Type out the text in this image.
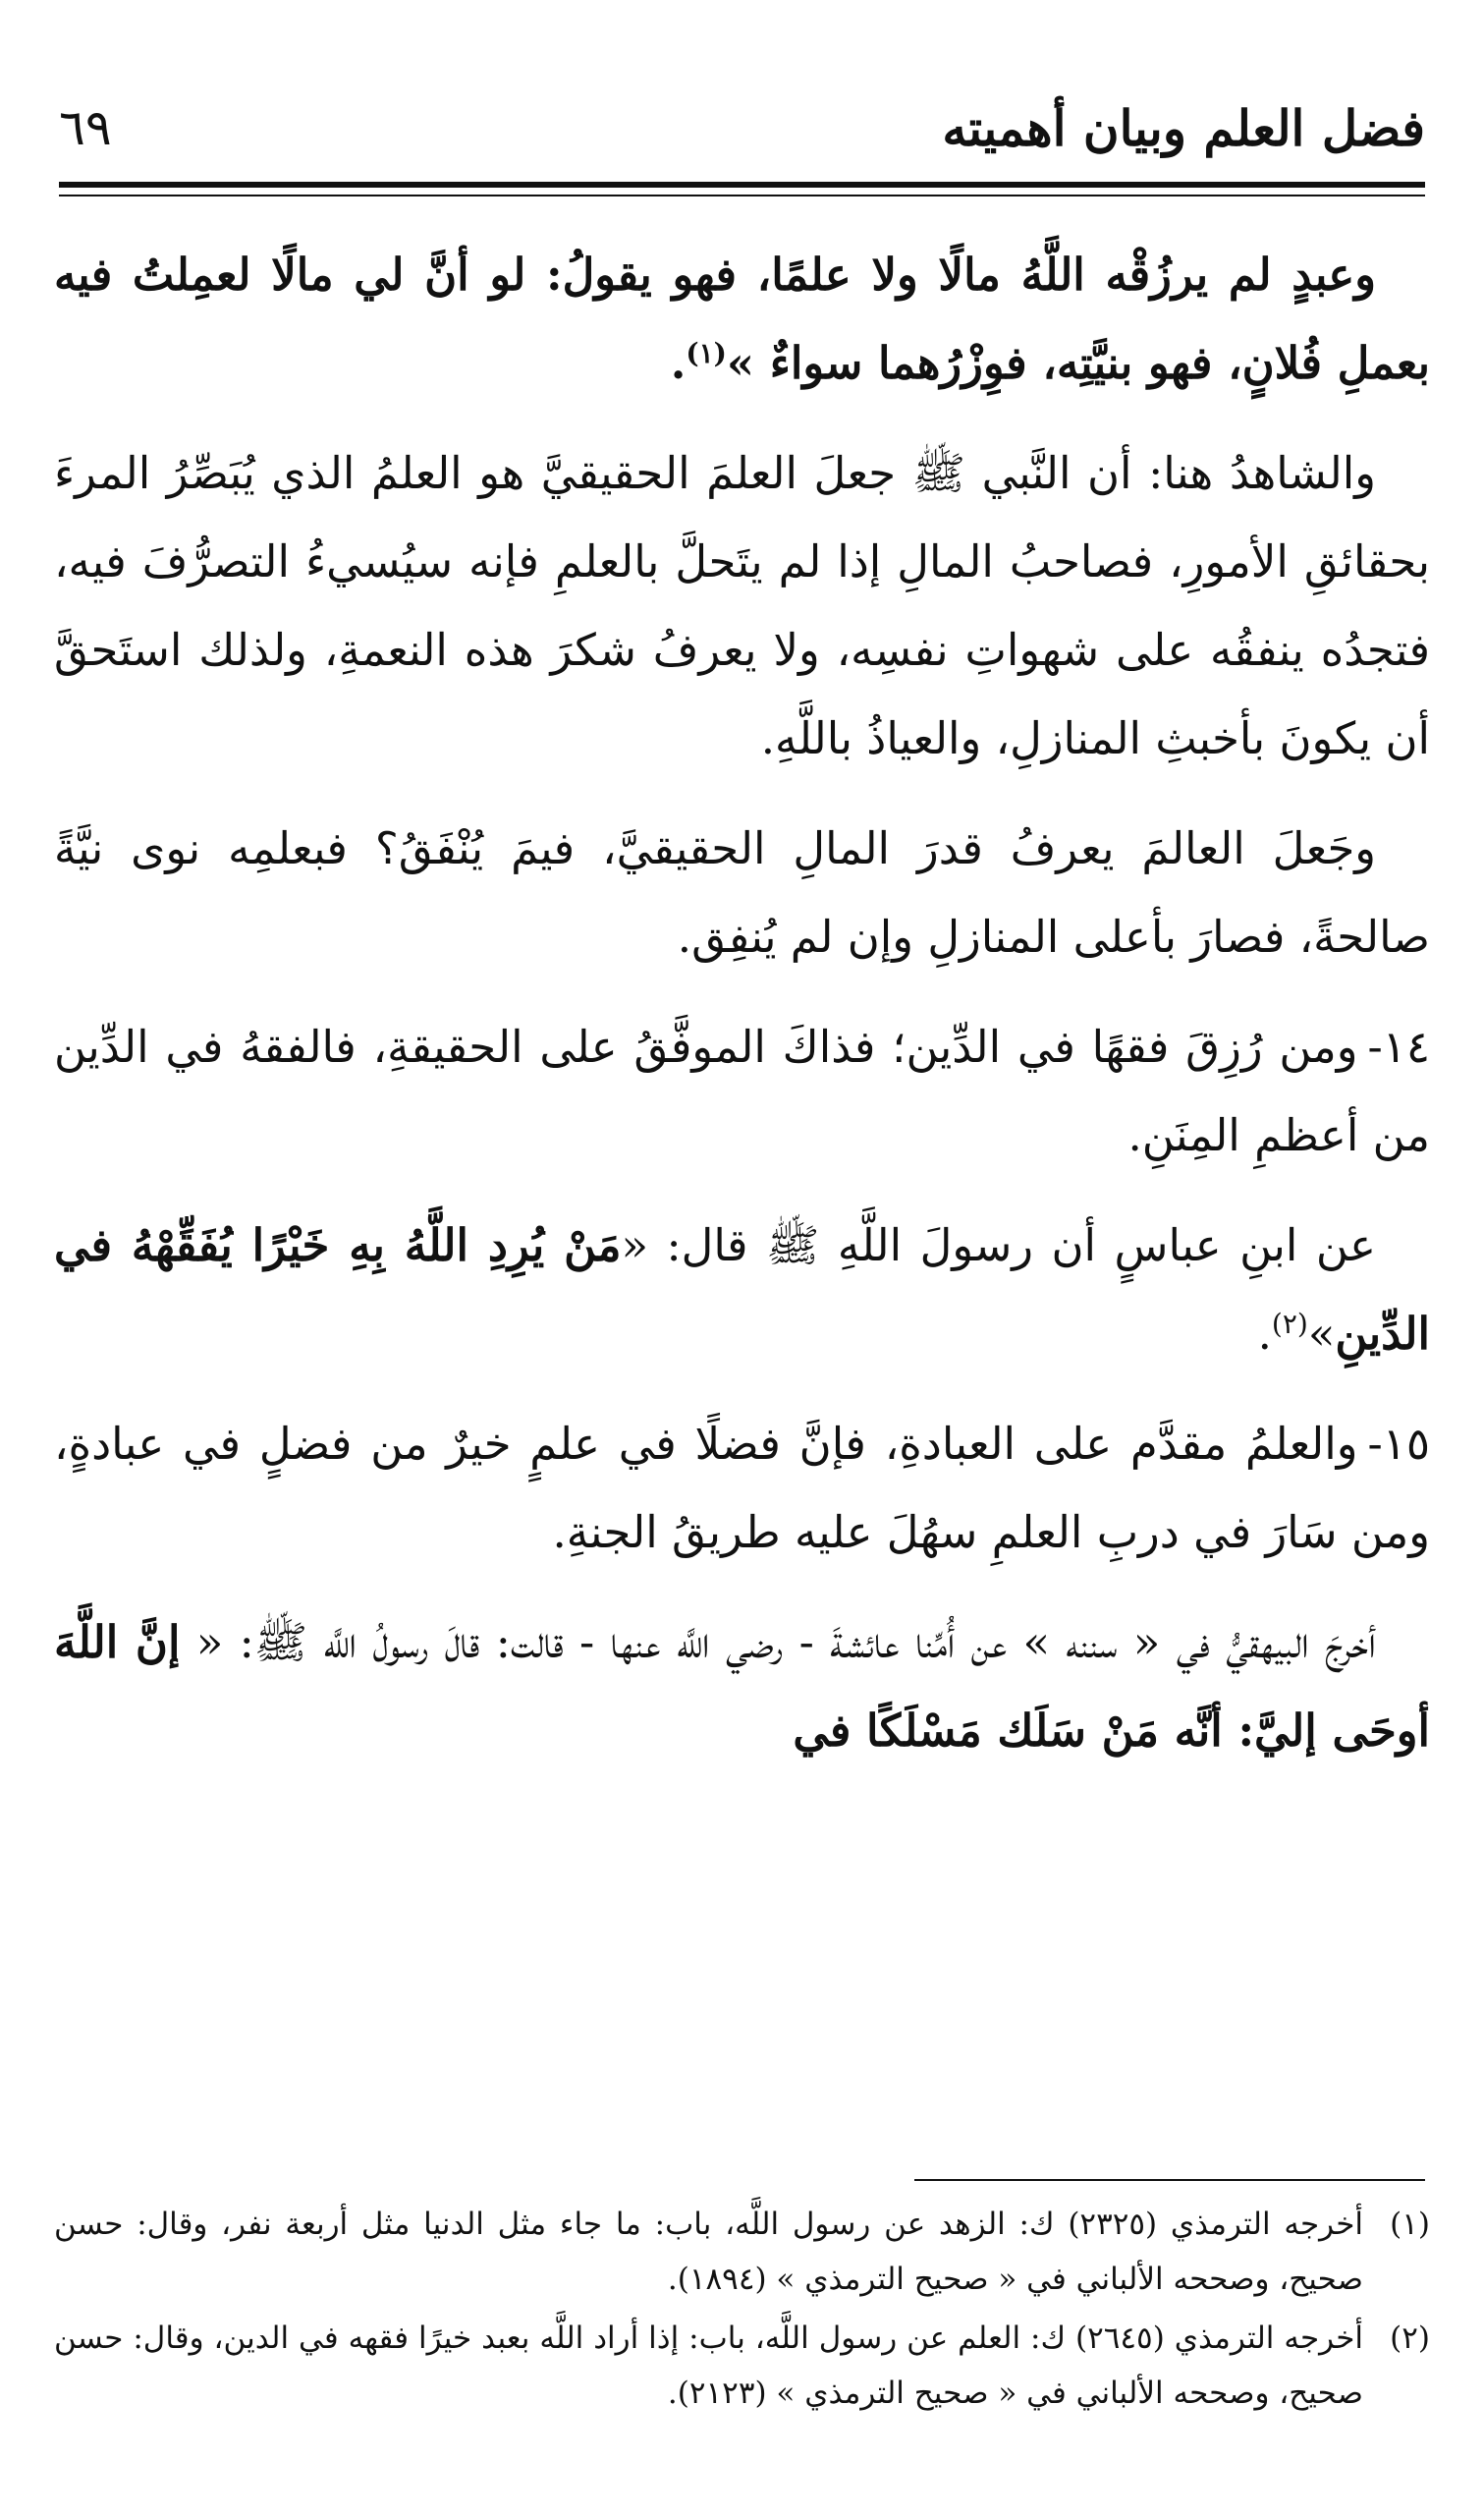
فضل العلم وبيان أهميته
٦٩

وعبدٍ لم يرزُقْه اللَّهُ مالًا ولا علمًا، فهو يقولُ: لو أنَّ لي مالًا لعمِلتُ فيه بعملِ فُلانٍ، فهو بنيَّتِه، فوِزْرُهما سواءٌ »$^{(١)}$.

والشاهدُ هنا: أن النَّبي ﷺ جعلَ العلمَ الحقيقيَّ هو العلمُ الذي يُبَصِّرُ المرءَ بحقائقِ الأمورِ، فصاحبُ المالِ إذا لم يتَحلَّ بالعلمِ فإنه سيُسيءُ التصرُّفَ فيه، فتجدُه ينفقُه على شهواتِ نفسِه، ولا يعرفُ شكرَ هذه النعمةِ، ولذلك استَحقَّ أن يكونَ بأخبثِ المنازلِ، والعياذُ باللَّهِ.

وجَعلَ العالمَ يعرفُ قدرَ المالِ الحقيقيَّ، فيمَ يُنْفَقُ؟ فبعلمِه نوى نيَّةً صالحةً، فصارَ بأعلى المنازلِ وإن لم يُنفِق.

١٤-ومن رُزِقَ فقهًا في الدِّين؛ فذاكَ الموفَّقُ على الحقيقةِ، فالفقهُ في الدِّين من أعظمِ المِنَنِ.

عن ابنِ عباسٍ أن رسولَ اللَّهِ ﷺ قال: «مَنْ يُرِدِ اللَّهُ بِهِ خَيْرًا يُفَقِّهْهُ في الدِّينِ»$^{(٢)}$.

١٥-والعلمُ مقدَّم على العبادةِ، فإنَّ فضلًا في علمٍ خيرٌ من فضلٍ في عبادةٍ، ومن سَارَ في دربِ العلمِ سهُلَ عليه طريقُ الجنةِ.

أخرجَ البيهقيُّ في « سننه » عن أُمِّنا عائشةَ - رضي اللَّه عنها - قالت: قالَ رسولُ اللَّه ﷺ: « إنَّ اللَّهَ أوحَى إليَّ: أنَّه مَنْ سَلَك مَسْلَكًا في

(١)
أخرجه الترمذي (٢٣٢٥) ك: الزهد عن رسول اللَّه، باب: ما جاء مثل الدنيا مثل أربعة نفر، وقال: حسن صحيح، وصححه الألباني في « صحيح الترمذي » (١٨٩٤).
(٢)
أخرجه الترمذي (٢٦٤٥) ك: العلم عن رسول اللَّه، باب: إذا أراد اللَّه بعبد خيرًا فقهه في الدين، وقال: حسن صحيح، وصححه الألباني في « صحيح الترمذي » (٢١٢٣).
